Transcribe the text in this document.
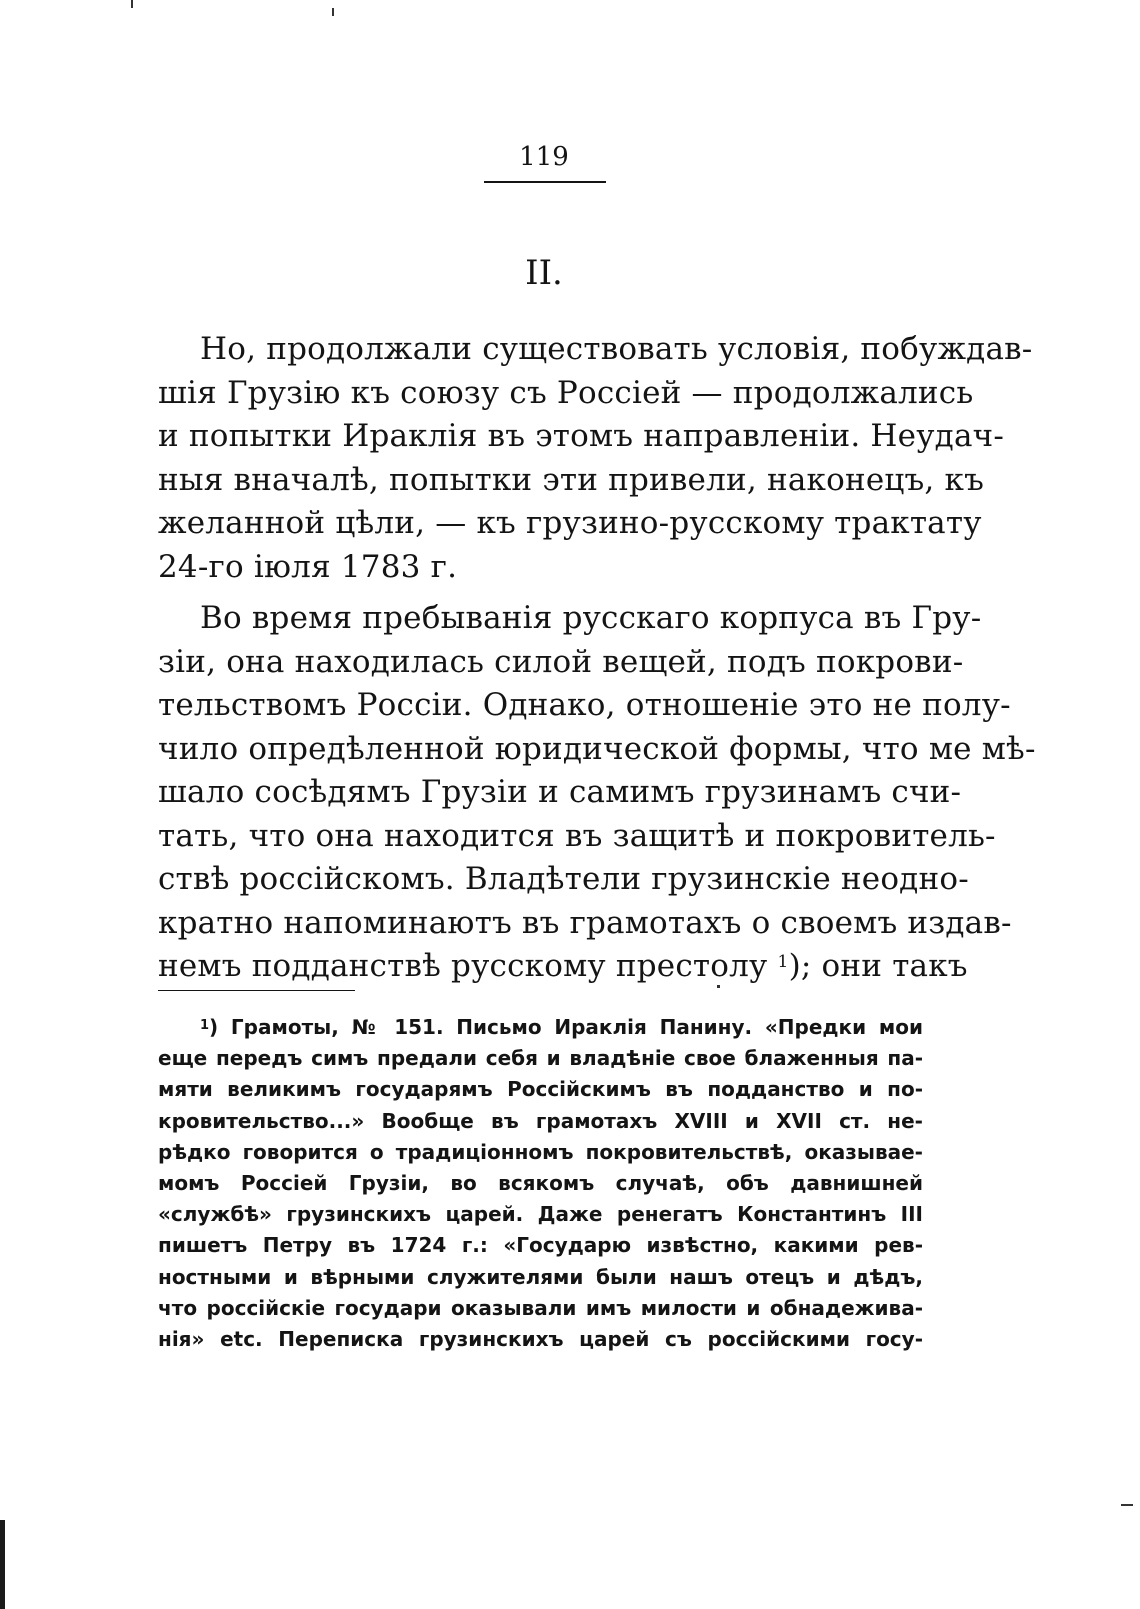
119
II.
Но, продолжали существовать условія, побуждав-
шія Грузію къ союзу съ Россіей — продолжались
и попытки Ираклія въ этомъ направленіи. Неудач-
ныя вначалѣ, попытки эти привели, наконецъ, къ
желанной цѣли, — къ грузино-русскому трактату
24-го іюля 1783 г.
Во время пребыванія русскаго корпуса въ Гру-
зіи, она находилась силой вещей, подъ покрови-
тельствомъ Россіи. Однако, отношеніе это не полу-
чило опредѣленной юридической формы, что ме мѣ-
шало сосѣдямъ Грузіи и самимъ грузинамъ счи-
тать, что она находится въ защитѣ и покровитель-
ствѣ россійскомъ. Владѣтели грузинскіе неодно-
кратно напоминаютъ въ грамотахъ о своемъ издав-
немъ подданствѣ русскому престолу $^1$); они такъ
$^1$) Грамоты, № 151. Письмо Ираклія Панину. «Предки мои
еще передъ симъ предали себя и владѣніе свое блаженныя па-
мяти великимъ государямъ Россійскимъ въ подданство и по-
кровительство...» Вообще въ грамотахъ XVIII и XVII ст. не-
рѣдко говорится о традиціонномъ покровительствѣ, оказывае-
момъ Россіей Грузіи, во всякомъ случаѣ, объ давнишней
«службѣ» грузинскихъ царей. Даже ренегатъ Константинъ III
пишетъ Петру въ 1724 г.: «Государю извѣстно, какими рев-
ностными и вѣрными служителями были нашъ отецъ и дѣдъ,
что россійскіе государи оказывали имъ милости и обнадежива-
нія» etc. Переписка грузинскихъ царей съ россійскими госу-
